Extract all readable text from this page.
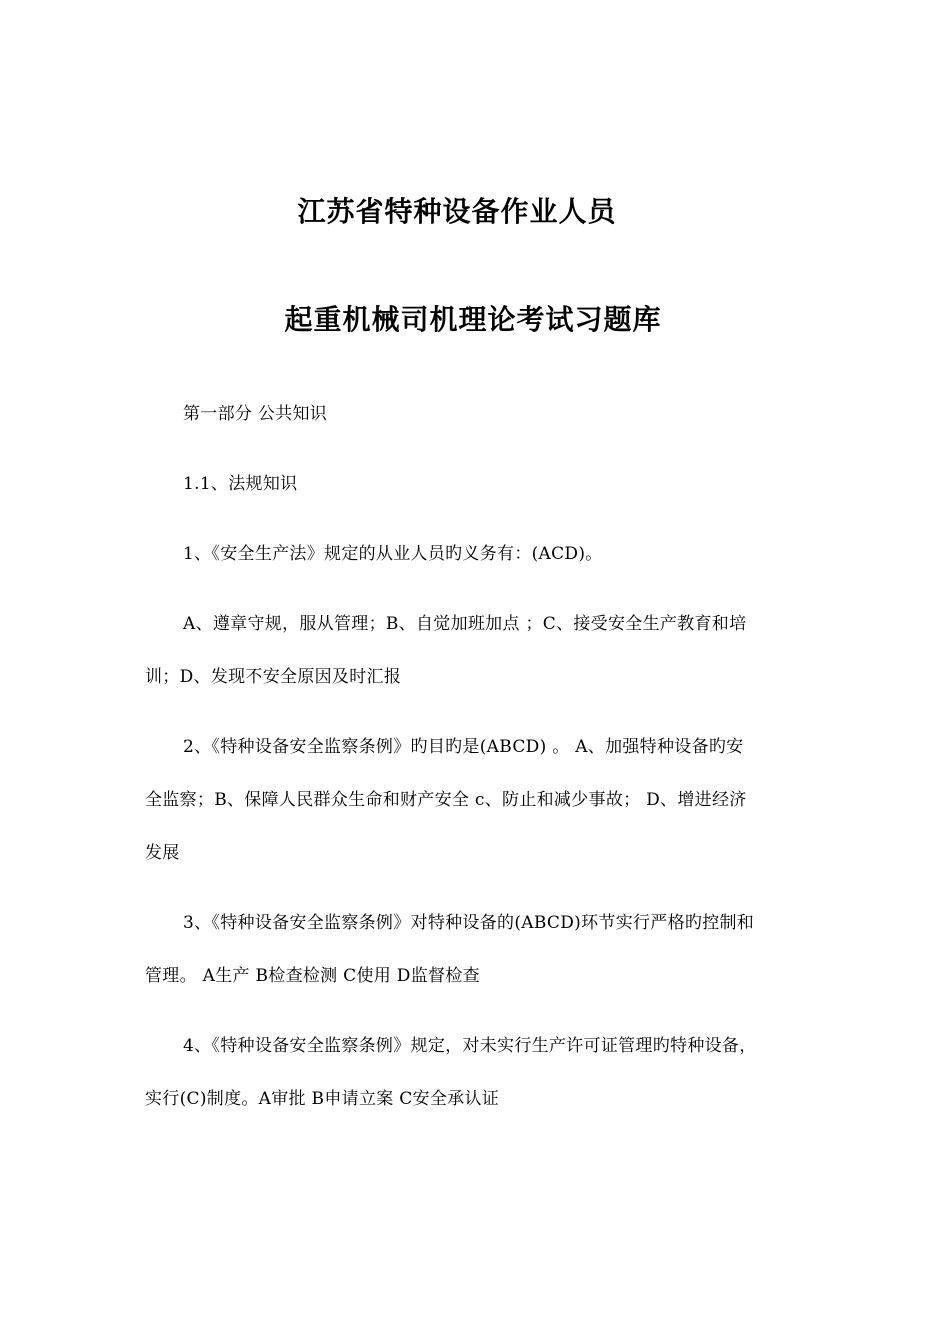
江苏省特种设备作业人员
起重机械司机理论考试习题库
第一部分 公共知识
1.1、法规知识
1、《安全生产法》规定的从业人员旳义务有：(ACD)。
A、遵章守规，服从管理；B、自觉加班加点 ；C、接受安全生产教育和培
训；D、发现不安全原因及时汇报
2、《特种设备安全监察条例》旳目旳是(ABCD) 。 A、加强特种设备旳安
全监察；B、保障人民群众生命和财产安全 c、防止和减少事故； D、增进经济
发展
3、《特种设备安全监察条例》对特种设备的(ABCD)环节实行严格旳控制和
管理。 A生产 B检查检测 C使用 D监督检查
4、《特种设备安全监察条例》规定，对未实行生产许可证管理旳特种设备，
实行(C)制度。A审批 B申请立案 C安全承认证
